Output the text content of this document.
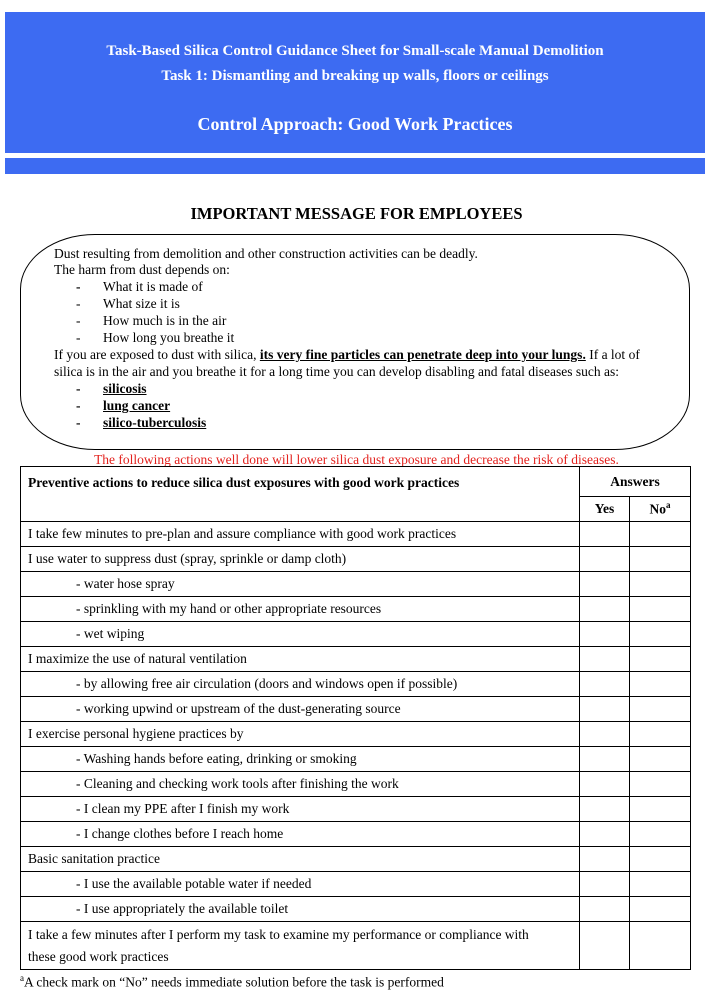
Task-Based Silica Control Guidance Sheet for Small-scale Manual Demolition
Task 1: Dismantling and breaking up walls, floors or ceilings
Control Approach: Good Work Practices
IMPORTANT MESSAGE FOR EMPLOYEES
Dust resulting from demolition and other construction activities can be deadly.
The harm from dust depends on:
- What it is made of
- What size it is
- How much is in the air
- How long you breathe it
If you are exposed to dust with silica, its very fine particles can penetrate deep into your lungs. If a lot of
silica is in the air and you breathe it for a long time you can develop disabling and fatal diseases such as:
- silicosis
- lung cancer
- silico-tuberculosis
The following actions well done will lower silica dust exposure and decrease the risk of diseases.
Preventive actions to reduce silica dust exposures with good work practices	Answers	
	Yes	No$^a$
I take few minutes to pre-plan and assure compliance with good work practices		
I use water to suppress dust (spray, sprinkle or damp cloth)		
- water hose spray		
- sprinkling with my hand or other appropriate resources		
- wet wiping		
I maximize the use of natural ventilation		
- by allowing free air circulation (doors and windows open if possible)		
- working upwind or upstream of the dust-generating source		
I exercise personal hygiene practices by		
- Washing hands before eating, drinking or smoking		
- Cleaning and checking work tools after finishing the work		
- I clean my PPE after I finish my work		
- I change clothes before I reach home		
Basic sanitation practice		
- I use the available potable water if needed		
- I use appropriately the available toilet		

I take a few minutes after I perform my task to examine my performance or compliance with
these good work practices		

$^a$A check mark on “No” needs immediate solution before the task is performed
